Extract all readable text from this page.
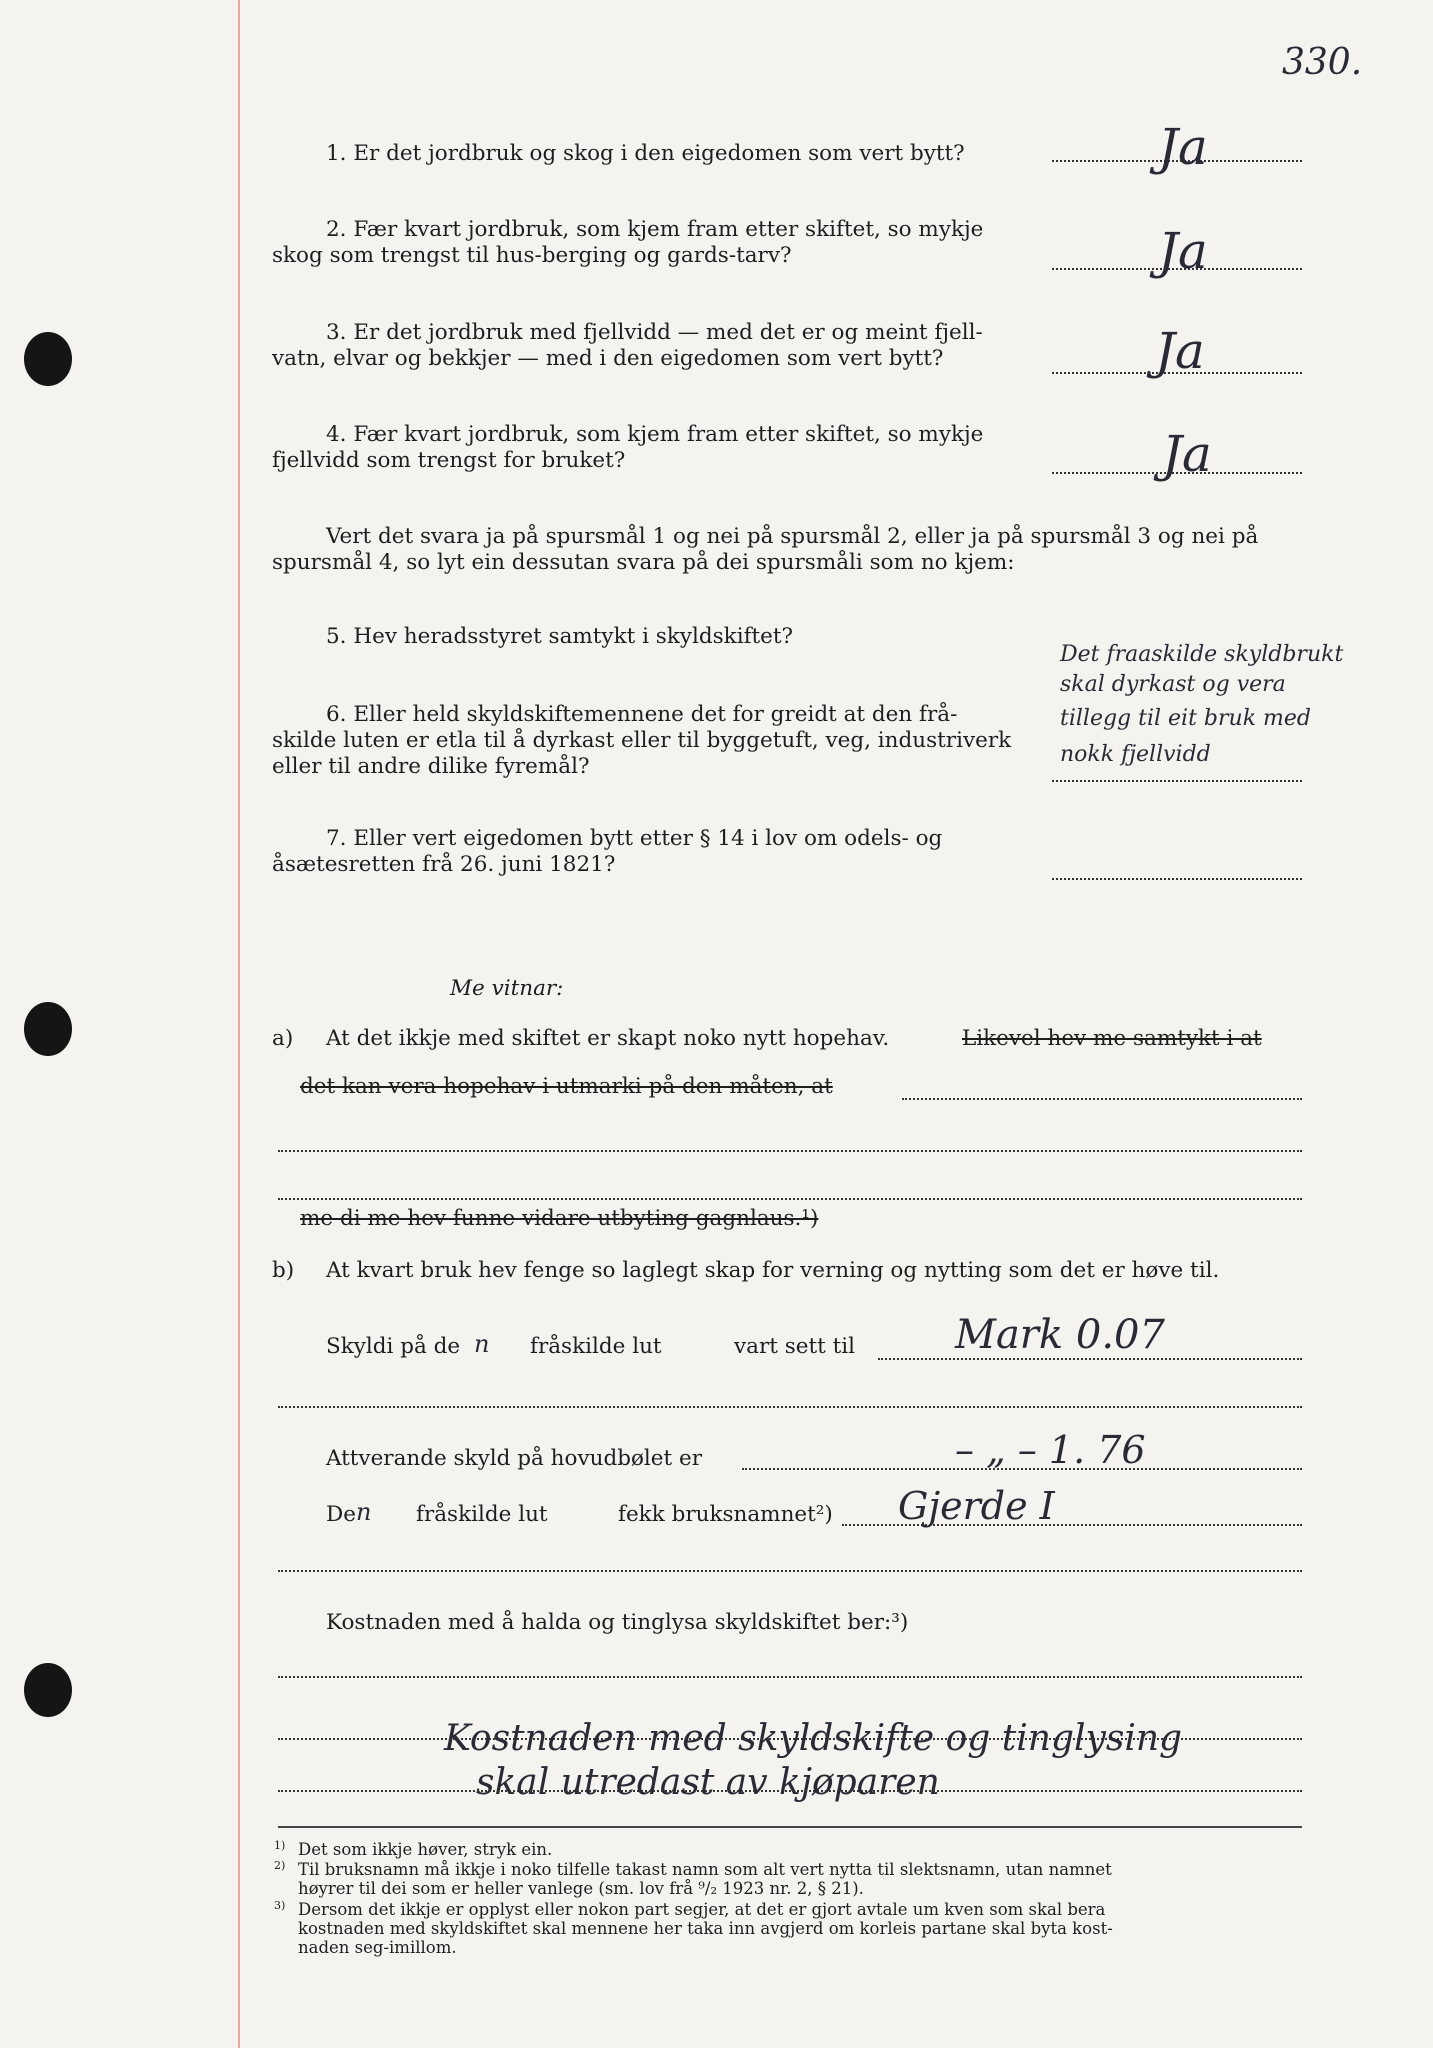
330.
1. Er det jordbruk og skog i den eigedomen som vert bytt?	Ja
2. Fær kvart jordbruk, som kjem fram etter skiftet, so mykje
skog som trengst til hus-berging og gards-tarv?	Ja
3. Er det jordbruk med fjellvidd — med det er og meint fjell-
vatn, elvar og bekkjer — med i den eigedomen som vert bytt?	Ja
4. Fær kvart jordbruk, som kjem fram etter skiftet, so mykje
fjellvidd som trengst for bruket?	Ja
Vert det svara ja på spursmål 1 og nei på spursmål 2, eller ja på spursmål 3 og nei på
spursmål 4, so lyt ein dessutan svara på dei spursmåli som no kjem:
5. Hev heradsstyret samtykt i skyldskiftet?
6. Eller held skyldskiftemennene det for greidt at den frå-
skilde luten er etla til å dyrkast eller til byggetuft, veg, industriverk
eller til andre dilike fyremål?
Det fraaskilde skyldbrukt
skal dyrkast og vera
tillegg til eit bruk med
nokk fjellvidd
7. Eller vert eigedomen bytt etter § 14 i lov om odels- og
åsætesretten frå 26. juni 1821?
Me vitnar:
a) At det ikkje med skiftet er skapt noko nytt hopehav.	Likevel hev me samtykt i at
det kan vera hopehav i utmarki på den måten, at
me di me hev funne vidare utbyting gagnlaus.¹)
b) At kvart bruk hev fenge so laglegt skap for verning og nytting som det er høve til.
Skyldi på de n fråskilde lut	vart sett til	Mark 0.07
Attverande skyld på hovudbølet er	– „ – 1. 76
De n fråskilde lut	fekk bruksnamnet²) Gjerde I
Kostnaden med å halda og tinglysa skyldskiftet ber:³)
Kostnaden med skyldskifte og tinglysing
skal utredast av kjøparen
1) Det som ikkje høver, stryk ein.
2) Til bruksnamn må ikkje i noko tilfelle takast namn som alt vert nytta til slektsnamn, utan namnet
høyrer til dei som er heller vanlege (sm. lov frå ⁹/₂ 1923 nr. 2, § 21).
3) Dersom det ikkje er opplyst eller nokon part segjer, at det er gjort avtale um kven som skal bera
kostnaden med skyldskiftet skal mennene her taka inn avgjerd om korleis partane skal byta kost-
naden seg-imillom.
